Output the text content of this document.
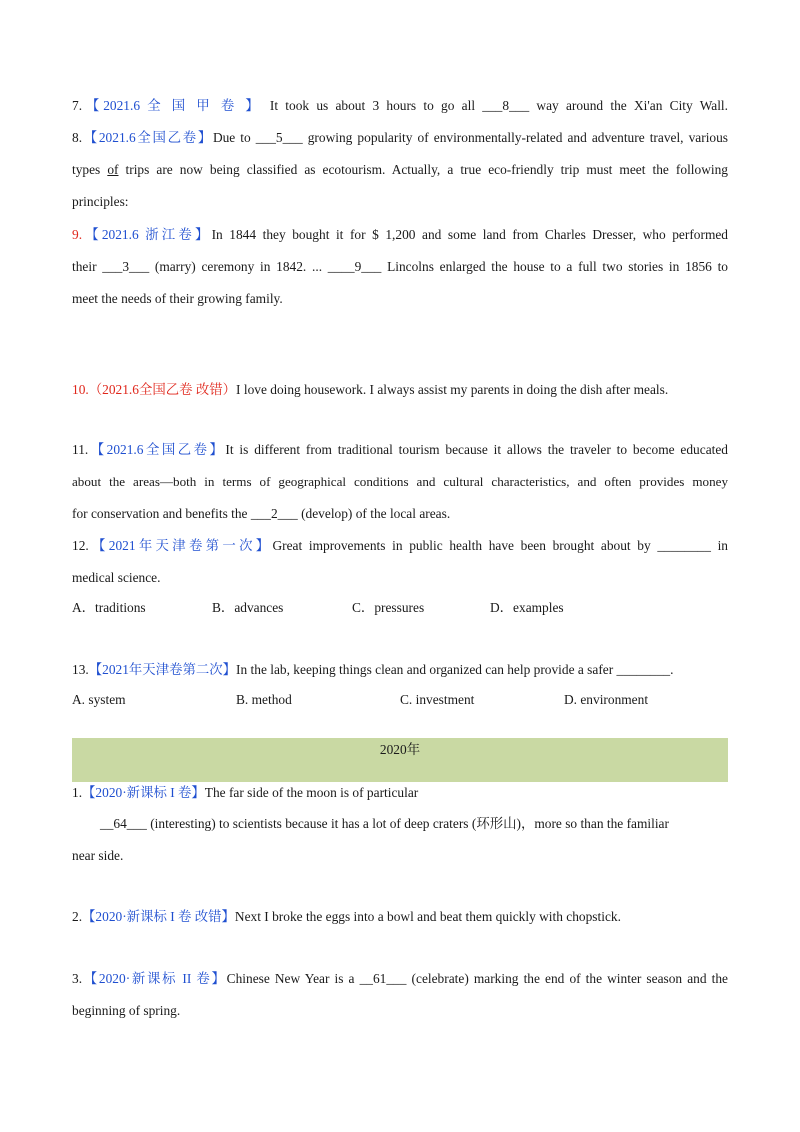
7.【2021.6 全 国 甲 卷 】 It took us about 3 hours to go all ___8___ way around the Xi'an City Wall.
8.【2021.6全国乙卷】Due to ___5___ growing popularity of environmentally-related and adventure travel, various
types of trips are now being classified as ecotourism. Actually, a true eco-friendly trip must meet the following
principles:
9.【2021.6 浙江卷】In 1844 they bought it for $ 1,200 and some land from Charles Dresser, who performed
their ___3___ (marry) ceremony in 1842. ... ____9___ Lincolns enlarged the house to a full two stories in 1856 to
meet the needs of their growing family.
10.（2021.6全国乙卷 改错）I love doing housework. I always assist my parents in doing the dish after meals.
11.【2021.6全国乙卷】It is different from traditional tourism because it allows the traveler to become educated
about the areas—both in terms of geographical conditions and cultural characteristics, and often provides money
for conservation and benefits the ___2___ (develop) of the local areas.
12.【2021年天津卷第一次】Great improvements in public health have been brought about by ________ in
medical science.
A．traditions	B．advances	C．pressures	D．examples
13.【2021年天津卷第二次】In the lab, keeping things clean and organized can help provide a safer ________.
A. system	B. method	C. investment	D. environment
2020年
1.【2020·新课标 I 卷】The far side of the moon is of particular
__64___ (interesting) to scientists because it has a lot of deep craters (环形山)，more so than the familiar
near side.
2.【2020·新课标 I 卷 改错】Next I broke the eggs into a bowl and beat them quickly with chopstick.
3.【2020·新课标 II 卷】Chinese New Year is a __61___ (celebrate) marking the end of the winter season and the
beginning of spring.
